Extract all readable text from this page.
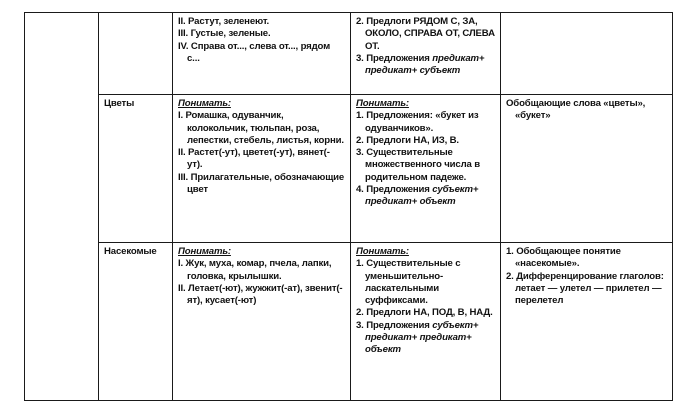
		II. Растут, зеленеют.
III. Густые, зеленые.
IV. Справа от..., слева от..., рядом с...	2. Предлоги РЯДОМ С, ЗА, ОКОЛО, СПРАВА ОТ, СЛЕВА ОТ.
3. Предложения предикат+ предикат+ субъект	

	Цветы	Понимать:
I. Ромашка, одуванчик, колокольчик, тюльпан, роза, лепестки, стебель, листья, корни.
II. Растет(-ут), цветет(-ут), вянет(-ут).
III. Прилагательные, обозначающие цвет	Понимать:
1. Предложения: «букет из одуванчиков».
2. Предлоги НА, ИЗ, В.
3. Существительные множественного числа в родительном падеже.
4. Предложения субъект+ предикат+ объект	Обобщающие слова «цветы», «букет»

	Насекомые	Понимать:
I. Жук, муха, комар, пчела, лапки, головка, крылышки.
II. Летает(-ют), жужжит(-ат), звенит(-ят), кусает(-ют)	Понимать:
1. Существительные с уменьшительно-ласкательными суффиксами.
2. Предлоги НА, ПОД, В, НАД.
3. Предложения субъект+ предикат+ предикат+ объект	1. Обобщающее понятие «насекомые».
2. Дифференцирование глаголов: летает — улетел — прилетел — перелетел
